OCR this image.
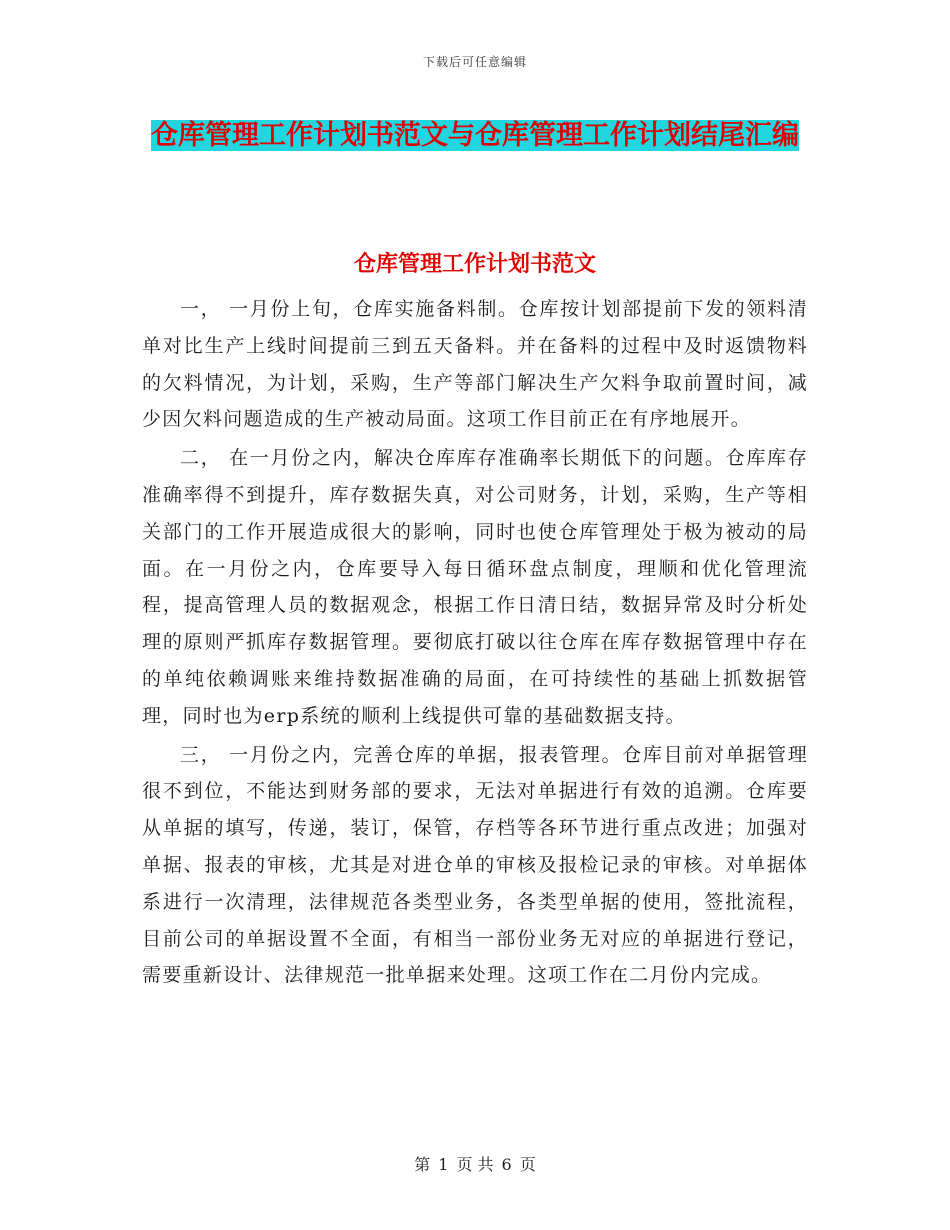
下载后可任意编辑
仓库管理工作计划书范文与仓库管理工作计划结尾汇编
仓库管理工作计划书范文

一， 一月份上旬，仓库实施备料制。仓库按计划部提前下发的领料清单对比生产上线时间提前三到五天备料。并在备料的过程中及时返馈物料的欠料情况，为计划，采购，生产等部门解决生产欠料争取前置时间，减少因欠料问题造成的生产被动局面。这项工作目前正在有序地展开。

二， 在一月份之内，解决仓库库存准确率长期低下的问题。仓库库存准确率得不到提升，库存数据失真，对公司财务，计划，采购，生产等相关部门的工作开展造成很大的影响，同时也使仓库管理处于极为被动的局面。在一月份之内，仓库要导入每日循环盘点制度，理顺和优化管理流程，提高管理人员的数据观念，根据工作日清日结，数据异常及时分析处理的原则严抓库存数据管理。要彻底打破以往仓库在库存数据管理中存在的单纯依赖调账来维持数据准确的局面，在可持续性的基础上抓数据管理，同时也为erp系统的顺利上线提供可靠的基础数据支持。

三， 一月份之内，完善仓库的单据，报表管理。仓库目前对单据管理很不到位，不能达到财务部的要求，无法对单据进行有效的追溯。仓库要从单据的填写，传递，装订，保管，存档等各环节进行重点改进；加强对单据、报表的审核，尤其是对进仓单的审核及报检记录的审核。对单据体系进行一次清理，法律规范各类型业务，各类型单据的使用，签批流程，目前公司的单据设置不全面，有相当一部份业务无对应的单据进行登记，需要重新设计、法律规范一批单据来处理。这项工作在二月份内完成。

第 1 页 共 6 页
